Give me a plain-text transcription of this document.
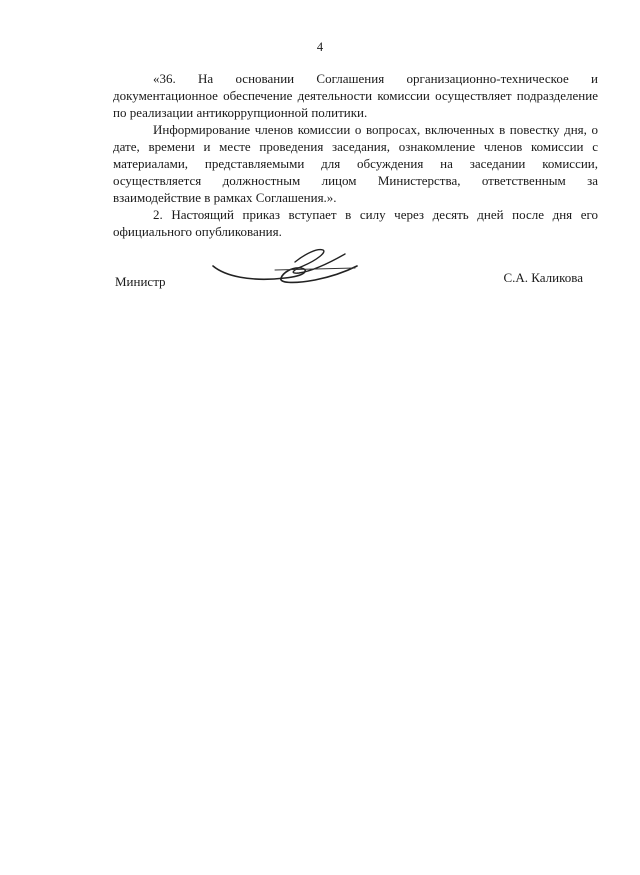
4

«36. На основании Соглашения организационно-техническое и документационное обеспечение деятельности комиссии осуществляет подразделение по реализации антикоррупционной политики.

Информирование членов комиссии о вопросах, включенных в повестку дня, о дате, времени и месте проведения заседания, ознакомление членов комиссии с материалами, представляемыми для обсуждения на заседании комиссии, осуществляется должностным лицом Министерства, ответственным за взаимодействие в рамках Соглашения.».

2. Настоящий приказ вступает в силу через десять дней после дня его официального опубликования.

Министр	С.А. Каликова
